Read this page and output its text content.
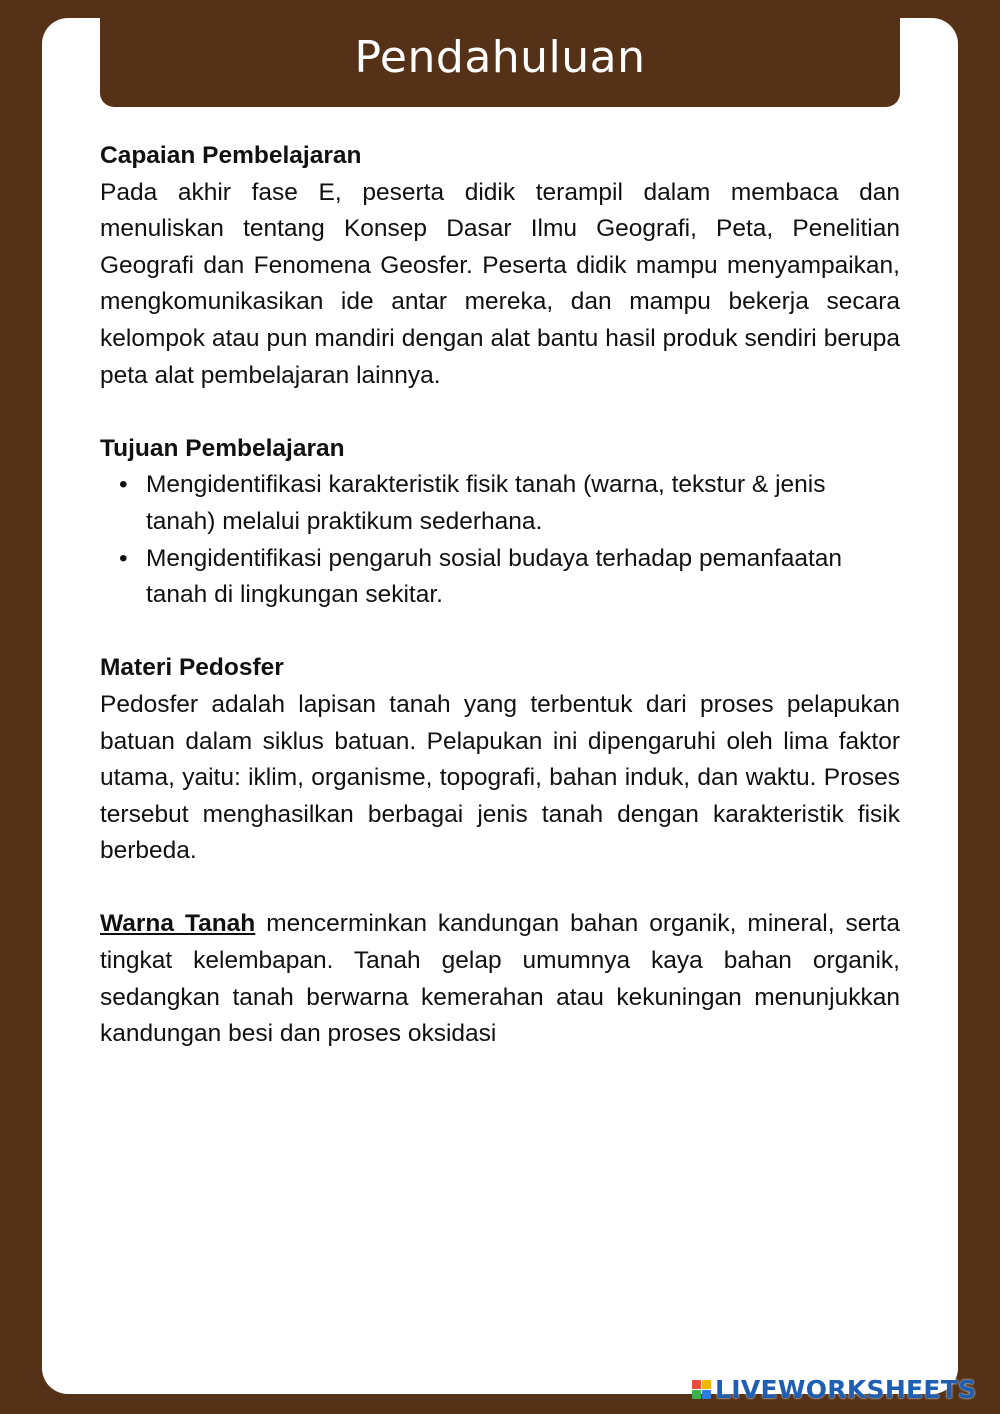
Pendahuluan

Capaian Pembelajaran

Pada akhir fase E, peserta didik terampil dalam membaca dan menuliskan tentang Konsep Dasar Ilmu Geografi, Peta, Penelitian Geografi dan Fenomena Geosfer. Peserta didik mampu menyampaikan, mengkomunikasikan ide antar mereka, dan mampu bekerja secara kelompok atau pun mandiri dengan alat bantu hasil produk sendiri berupa peta alat pembelajaran lainnya.

Tujuan Pembelajaran

• Mengidentifikasi karakteristik fisik tanah (warna, tekstur & jenis tanah) melalui praktikum sederhana.
• Mengidentifikasi pengaruh sosial budaya terhadap pemanfaatan tanah di lingkungan sekitar.

Materi Pedosfer

Pedosfer adalah lapisan tanah yang terbentuk dari proses pelapukan batuan dalam siklus batuan. Pelapukan ini dipengaruhi oleh lima faktor utama, yaitu: iklim, organisme, topografi, bahan induk, dan waktu. Proses tersebut menghasilkan berbagai jenis tanah dengan karakteristik fisik berbeda.

Warna Tanah mencerminkan kandungan bahan organik, mineral, serta tingkat kelembapan. Tanah gelap umumnya kaya bahan organik, sedangkan tanah berwarna kemerahan atau kekuningan menunjukkan kandungan besi dan proses oksidasi

LIVEWORKSHEETS
